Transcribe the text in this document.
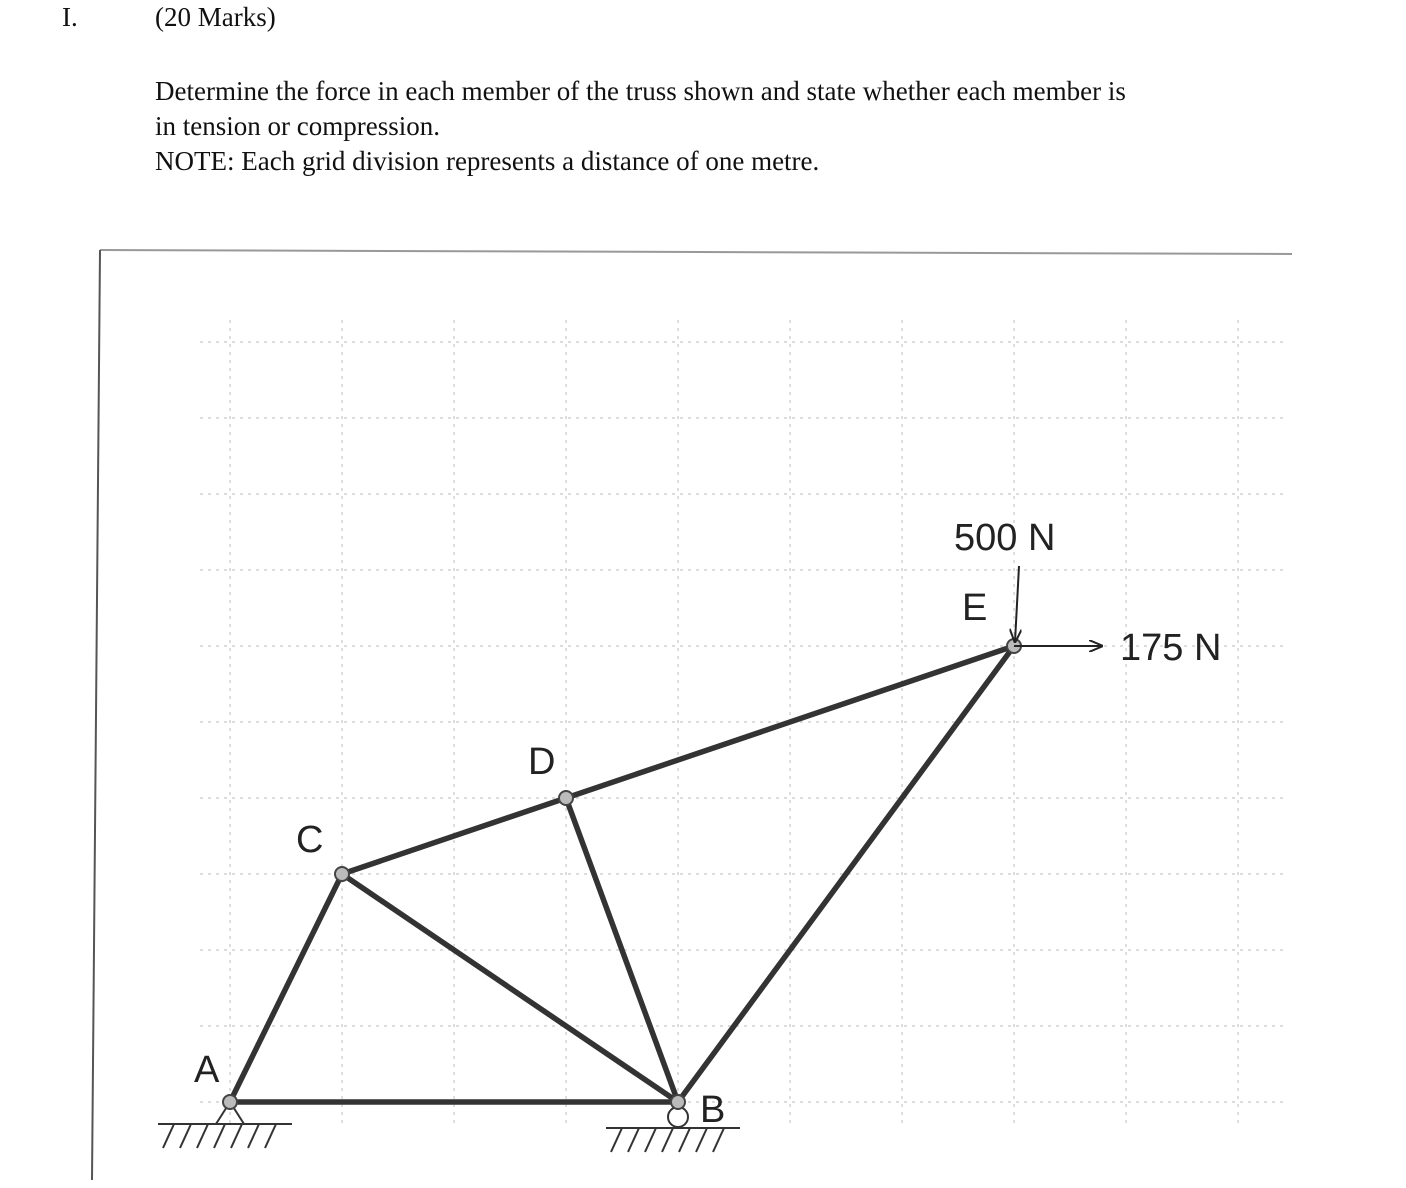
I.	(20 Marks)

Determine the force in each member of the truss shown and state whether each member is

in tension or compression.

NOTE: Each grid division represents a distance of one metre.

500 N
175 N
A
B
C
D
E
